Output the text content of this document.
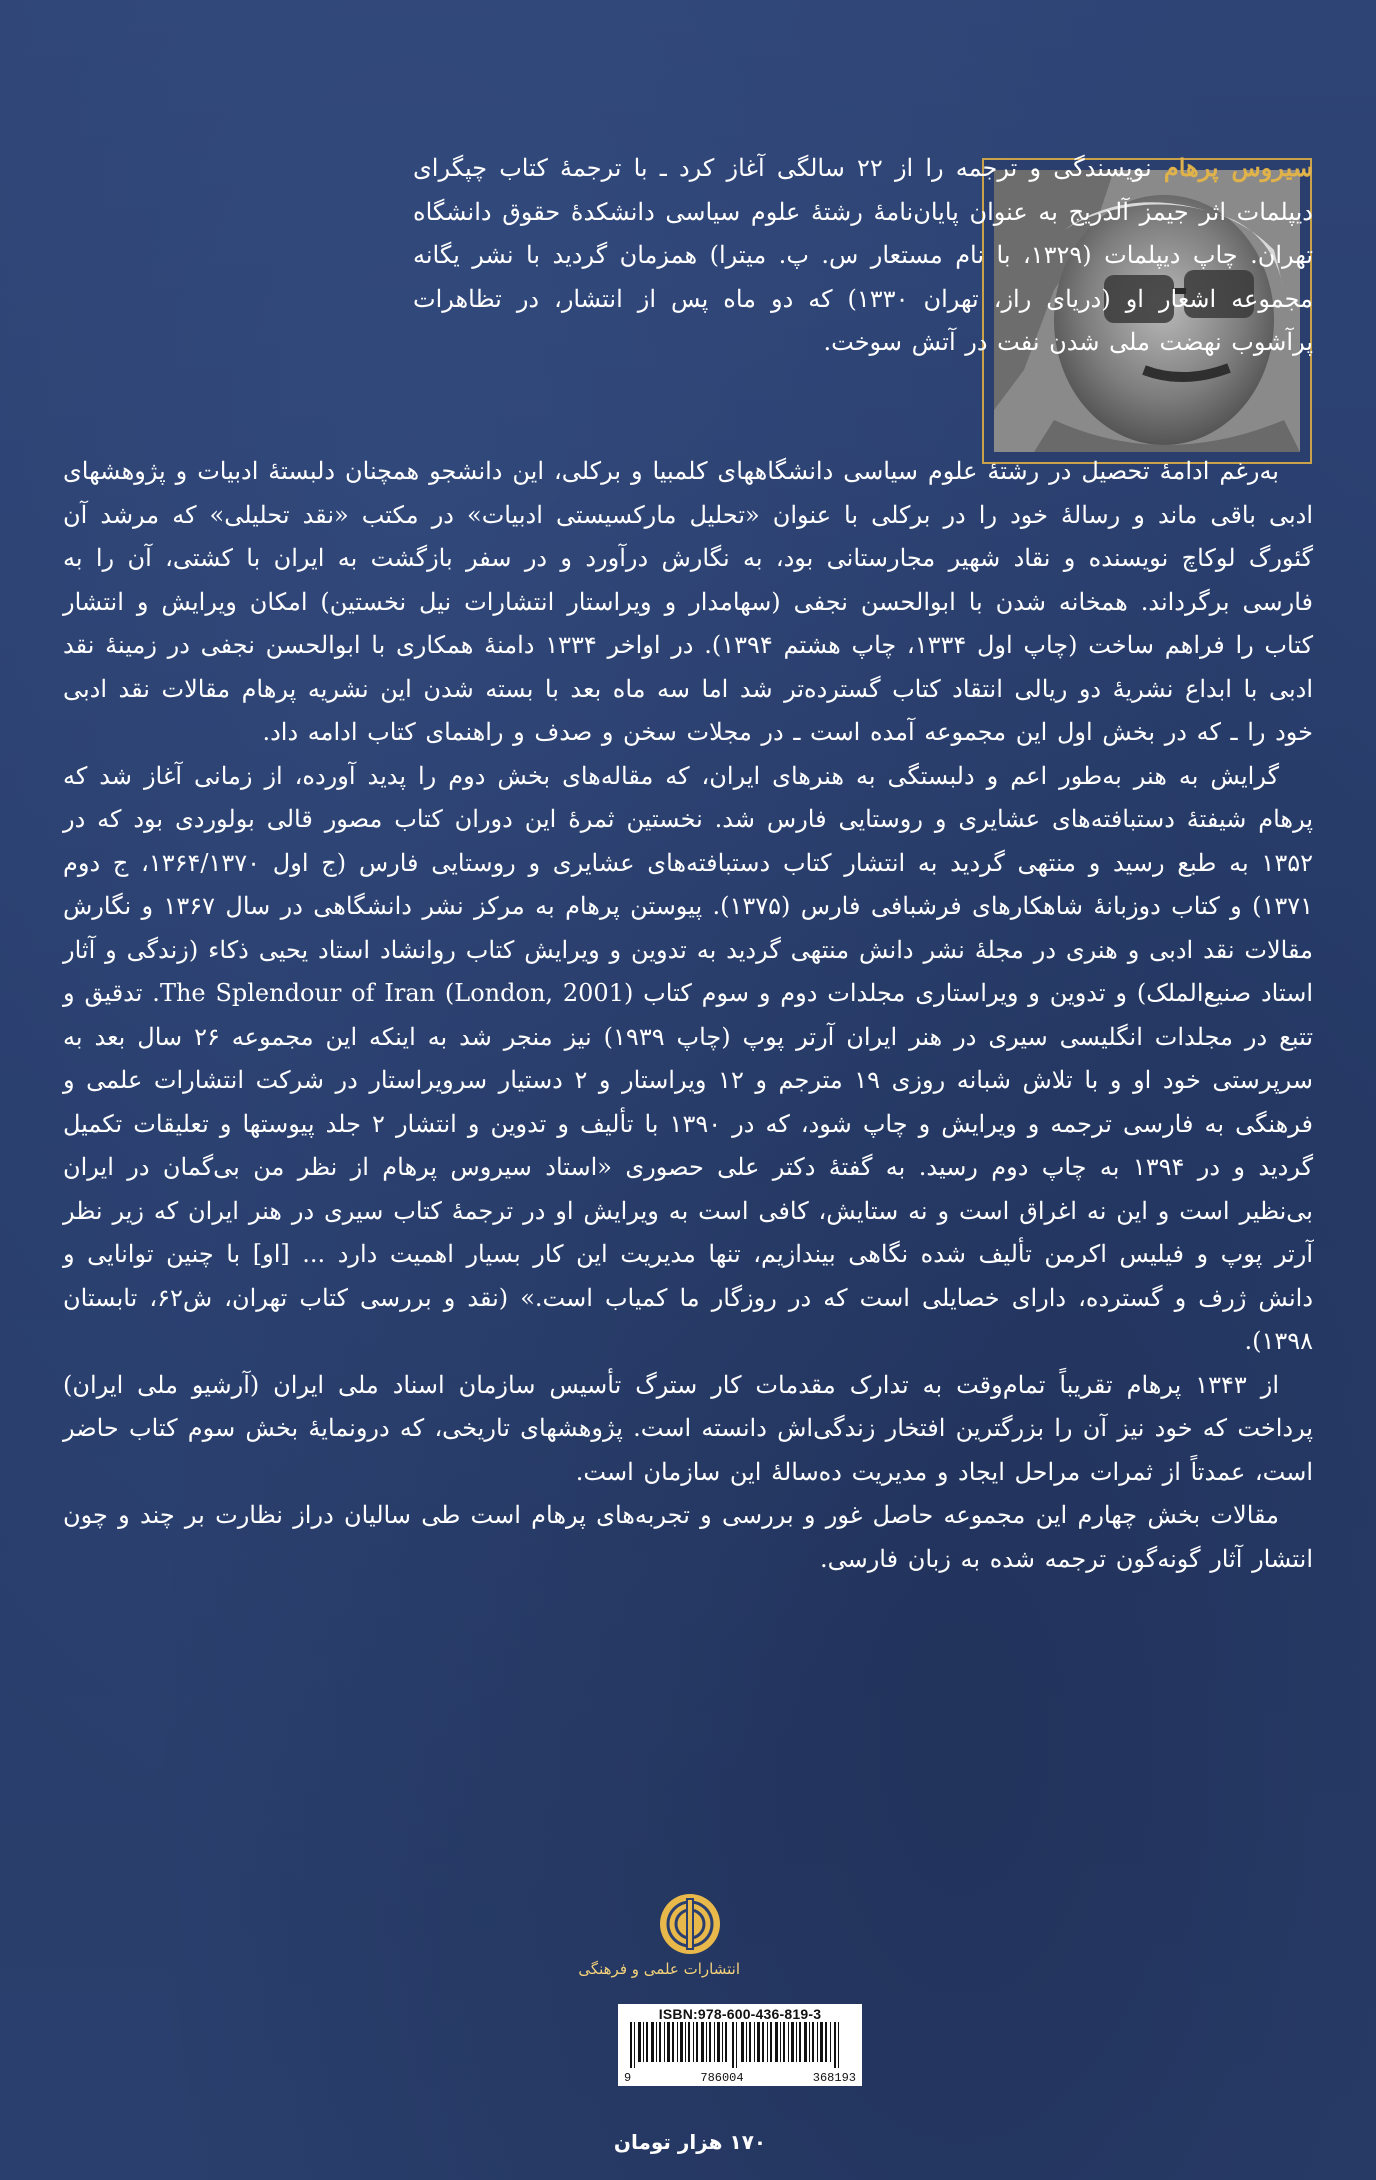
سیروس پرهام نویسندگی و ترجمه را از ۲۲ سالگی آغاز کرد ـ با ترجمهٔ کتاب چپگرای دیپلمات اثر جیمز آلدریج به عنوان پایان‌نامهٔ رشتهٔ علوم سیاسی دانشکدهٔ حقوق دانشگاه تهران. چاپ دیپلمات (۱۳۲۹، با نام مستعار س. پ. میترا) همزمان گردید با نشر یگانه مجموعه اشعار او (دریای راز، تهران ۱۳۳۰) که دو ماه پس از انتشار، در تظاهرات پرآشوب نهضت ملی شدن نفت در آتش سوخت.

به‌رغم ادامهٔ تحصیل در رشتهٔ علوم سیاسی دانشگاههای کلمبیا و برکلی، این دانشجو همچنان دلبستهٔ ادبیات و پژوهشهای ادبی باقی ماند و رسالهٔ خود را در برکلی با عنوان «تحلیل مارکسیستی ادبیات» در مکتب «نقد تحلیلی» که مرشد آن گئورگ لوکاچ نویسنده و نقاد شهیر مجارستانی بود، به نگارش درآورد و در سفر بازگشت به ایران با کشتی، آن را به فارسی برگرداند. همخانه شدن با ابوالحسن نجفی (سهامدار و ویراستار انتشارات نیل نخستین) امکان ویرایش و انتشار کتاب را فراهم ساخت (چاپ اول ۱۳۳۴، چاپ هشتم ۱۳۹۴). در اواخر ۱۳۳۴ دامنهٔ همکاری با ابوالحسن نجفی در زمینهٔ نقد ادبی با ابداع نشریهٔ دو ریالی انتقاد کتاب گسترده‌تر شد اما سه ماه بعد با بسته شدن این نشریه پرهام مقالات نقد ادبی خود را ـ که در بخش اول این مجموعه آمده است ـ در مجلات سخن و صدف و راهنمای کتاب ادامه داد.

گرایش به هنر به‌طور اعم و دلبستگی به هنرهای ایران، که مقاله‌های بخش دوم را پدید آورده، از زمانی آغاز شد که پرهام شیفتهٔ دستبافته‌های عشایری و روستایی فارس شد. نخستین ثمرهٔ این دوران کتاب مصور قالی بولوردی بود که در ۱۳۵۲ به طبع رسید و منتهی گردید به انتشار کتاب دستبافته‌های عشایری و روستایی فارس (ج اول ۱۳۶۴/۱۳۷۰، ج دوم ۱۳۷۱) و کتاب دوزبانهٔ شاهکارهای فرشبافی فارس (۱۳۷۵). پیوستن پرهام به مرکز نشر دانشگاهی در سال ۱۳۶۷ و نگارش مقالات نقد ادبی و هنری در مجلهٔ نشر دانش منتهی گردید به تدوین و ویرایش کتاب روانشاد استاد یحیی ذکاء (زندگی و آثار استاد صنیع‌الملک) و تدوین و ویراستاری مجلدات دوم و سوم کتاب (The Splendour of Iran (London, 2001. تدقیق و تتبع در مجلدات انگلیسی سیری در هنر ایران آرتر پوپ (چاپ ۱۹۳۹) نیز منجر شد به اینکه این مجموعه ۲۶ سال بعد به سرپرستی خود او و با تلاش شبانه روزی ۱۹ مترجم و ۱۲ ویراستار و ۲ دستیار سرویراستار در شرکت انتشارات علمی و فرهنگی به فارسی ترجمه و ویرایش و چاپ شود، که در ۱۳۹۰ با تألیف و تدوین و انتشار ۲ جلد پیوستها و تعلیقات تکمیل گردید و در ۱۳۹۴ به چاپ دوم رسید. به گفتهٔ دکتر علی حصوری «استاد سیروس پرهام از نظر من بی‌گمان در ایران بی‌نظیر است و این نه اغراق است و نه ستایش، کافی است به ویرایش او در ترجمهٔ کتاب سیری در هنر ایران که زیر نظر آرتر پوپ و فیلیس اکرمن تألیف شده نگاهی بیندازیم، تنها مدیریت این کار بسیار اهمیت دارد ... [او] با چنین توانایی و دانش ژرف و گسترده، دارای خصایلی است که در روزگار ما کمیاب است.» (نقد و بررسی کتاب تهران، ش۶۲، تابستان ۱۳۹۸).

از ۱۳۴۳ پرهام تقریباً تمام‌وقت به تدارک مقدمات کار سترگ تأسیس سازمان اسناد ملی ایران (آرشیو ملی ایران) پرداخت که خود نیز آن را بزرگترین افتخار زندگی‌اش دانسته است. پژوهشهای تاریخی، که درونمایهٔ بخش سوم کتاب حاضر است، عمدتاً از ثمرات مراحل ایجاد و مدیریت ده‌سالهٔ این سازمان است.

مقالات بخش چهارم این مجموعه حاصل غور و بررسی و تجربه‌های پرهام است طی سالیان دراز نظارت بر چند و چون انتشار آثار گونه‌گون ترجمه شده به زبان فارسی.

انتشارات علمی و فرهنگی
ISBN:978-600-436-819-3
9	786004	368193
۱۷۰ هزار تومان
